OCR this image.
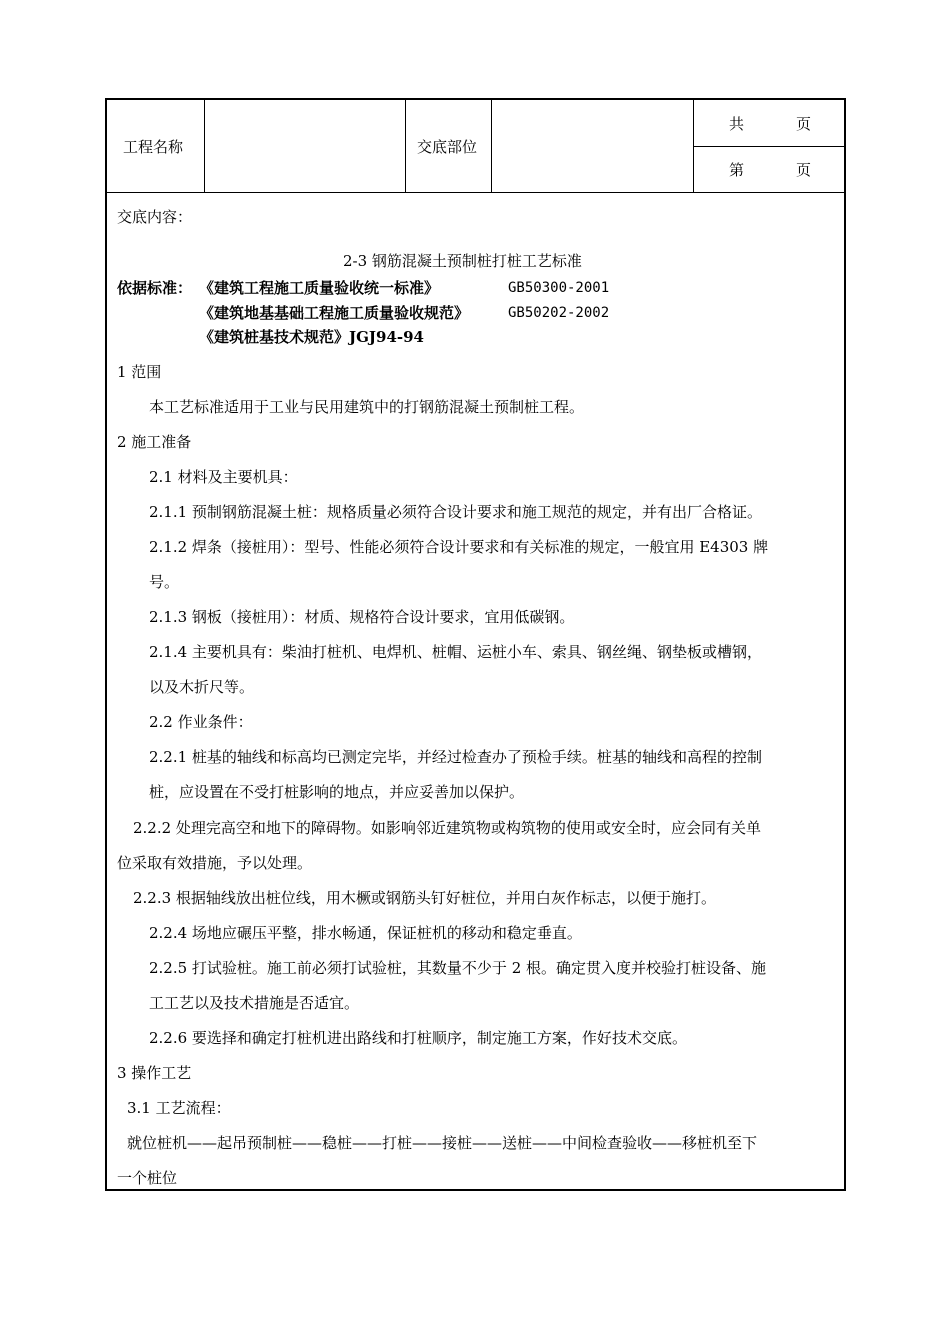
工程名称	交底部位
共	页
第	页
交底内容：
2-3 钢筋混凝土预制桩打桩工艺标准
依据标准： 《建筑工程施工质量验收统一标准》	GB50300-2001
《建筑地基基础工程施工质量验收规范》	GB50202-2002
《建筑桩基技术规范》JGJ94-94
1 范围
本工艺标准适用于工业与民用建筑中的打钢筋混凝土预制桩工程。
2 施工准备
2.1 材料及主要机具：
2.1.1 预制钢筋混凝土桩：规格质量必须符合设计要求和施工规范的规定，并有出厂合格证。
2.1.2 焊条（接桩用）：型号、性能必须符合设计要求和有关标准的规定，一般宜用 E4303 牌
号。
2.1.3 钢板（接桩用）：材质、规格符合设计要求，宜用低碳钢。
2.1.4 主要机具有：柴油打桩机、电焊机、桩帽、运桩小车、索具、钢丝绳、钢垫板或槽钢，
以及木折尺等。
2.2 作业条件：
2.2.1 桩基的轴线和标高均已测定完毕，并经过检查办了预检手续。桩基的轴线和高程的控制
桩，应设置在不受打桩影响的地点，并应妥善加以保护。
2.2.2 处理完高空和地下的障碍物。如影响邻近建筑物或构筑物的使用或安全时，应会同有关单
位采取有效措施，予以处理。
2.2.3 根据轴线放出桩位线，用木橛或钢筋头钉好桩位，并用白灰作标志，以便于施打。
2.2.4 场地应碾压平整，排水畅通，保证桩机的移动和稳定垂直。
2.2.5 打试验桩。施工前必须打试验桩，其数量不少于 2 根。确定贯入度并校验打桩设备、施
工工艺以及技术措施是否适宜。
2.2.6 要选择和确定打桩机进出路线和打桩顺序，制定施工方案，作好技术交底。
3 操作工艺
3.1 工艺流程：
就位桩机——起吊预制桩——稳桩——打桩——接桩——送桩——中间检查验收——移桩机至下
一个桩位
